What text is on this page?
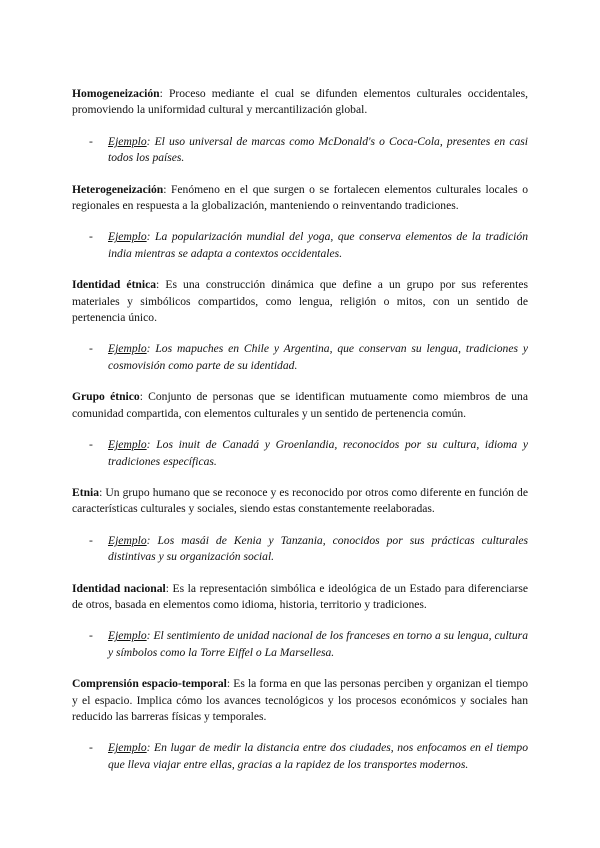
Homogeneización: Proceso mediante el cual se difunden elementos culturales occidentales, promoviendo la uniformidad cultural y mercantilización global.

- Ejemplo: El uso universal de marcas como McDonald's o Coca-Cola, presentes en casi todos los países.

Heterogeneización: Fenómeno en el que surgen o se fortalecen elementos culturales locales o regionales en respuesta a la globalización, manteniendo o reinventando tradiciones.

- Ejemplo: La popularización mundial del yoga, que conserva elementos de la tradición india mientras se adapta a contextos occidentales.

Identidad étnica: Es una construcción dinámica que define a un grupo por sus referentes materiales y simbólicos compartidos, como lengua, religión o mitos, con un sentido de pertenencia único.

- Ejemplo: Los mapuches en Chile y Argentina, que conservan su lengua, tradiciones y cosmovisión como parte de su identidad.

Grupo étnico: Conjunto de personas que se identifican mutuamente como miembros de una comunidad compartida, con elementos culturales y un sentido de pertenencia común.

- Ejemplo: Los inuit de Canadá y Groenlandia, reconocidos por su cultura, idioma y tradiciones específicas.

Etnia: Un grupo humano que se reconoce y es reconocido por otros como diferente en función de características culturales y sociales, siendo estas constantemente reelaboradas.

- Ejemplo: Los masái de Kenia y Tanzania, conocidos por sus prácticas culturales distintivas y su organización social.

Identidad nacional: Es la representación simbólica e ideológica de un Estado para diferenciarse de otros, basada en elementos como idioma, historia, territorio y tradiciones.

- Ejemplo: El sentimiento de unidad nacional de los franceses en torno a su lengua, cultura y símbolos como la Torre Eiffel o La Marsellesa.

Comprensión espacio-temporal: Es la forma en que las personas perciben y organizan el tiempo y el espacio. Implica cómo los avances tecnológicos y los procesos económicos y sociales han reducido las barreras físicas y temporales.

- Ejemplo: En lugar de medir la distancia entre dos ciudades, nos enfocamos en el tiempo que lleva viajar entre ellas, gracias a la rapidez de los transportes modernos.
